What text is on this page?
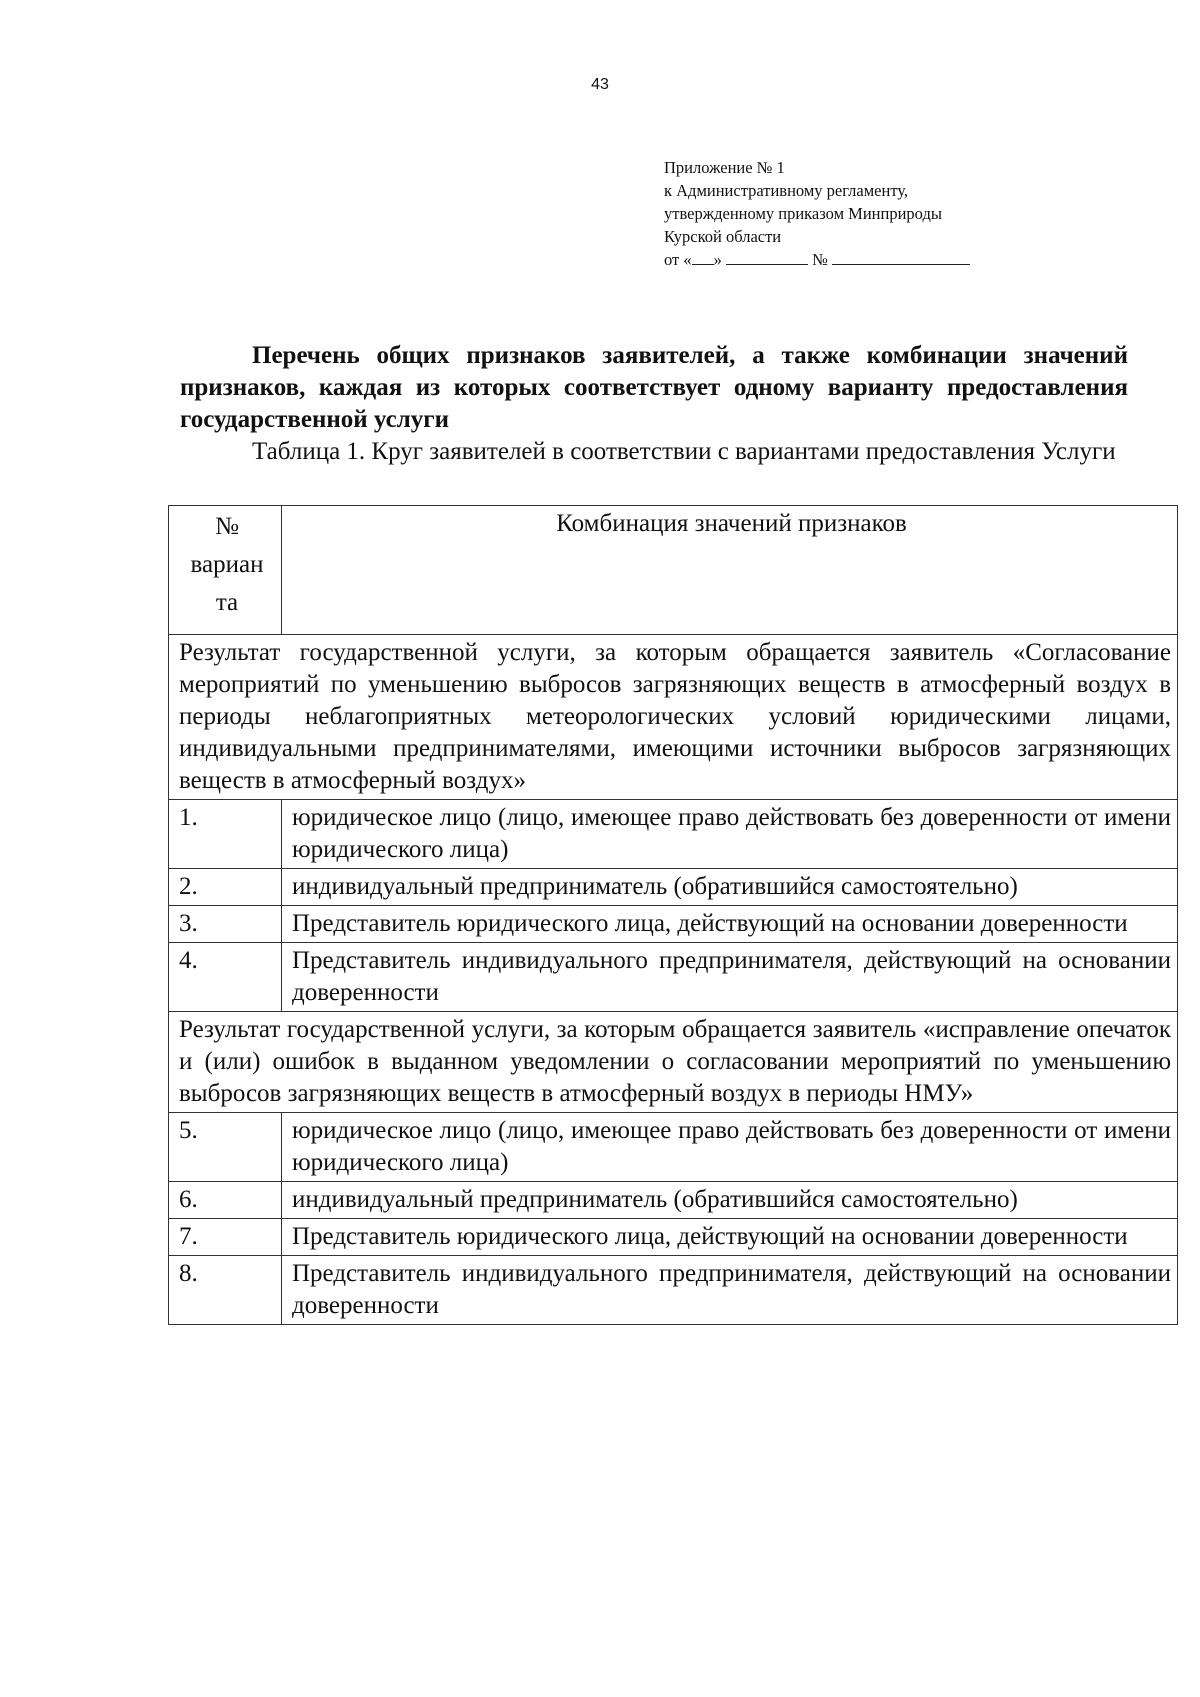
43
Приложение № 1
к Административному регламенту,
утвержденному приказом Минприроды
Курской области
от « »	№
Перечень общих признаков заявителей, а также комбинации значений признаков, каждая из которых соответствует одному варианту предоставления государственной услуги
Таблица 1. Круг заявителей в соответствии с вариантами предоставления Услуги
№
вариан
та	Комбинация значений признаков
Результат государственной услуги, за которым обращается заявитель «Согласование мероприятий по уменьшению выбросов загрязняющих веществ в атмосферный воздух в периоды неблагоприятных метеорологических условий юридическими лицами, индивидуальными предпринимателями, имеющими источники выбросов загрязняющих веществ в атмосферный воздух»	
1.	юридическое лицо (лицо, имеющее право действовать без доверенности от имени юридического лица)
2.	индивидуальный предприниматель (обратившийся самостоятельно)
3.	Представитель юридического лица, действующий на основании доверенности
4.	Представитель индивидуального предпринимателя, действующий на основании доверенности
Результат государственной услуги, за которым обращается заявитель «исправление опечаток и (или) ошибок в выданном уведомлении о согласовании мероприятий по уменьшению выбросов загрязняющих веществ в атмосферный воздух в периоды НМУ»	
5.	юридическое лицо (лицо, имеющее право действовать без доверенности от имени юридического лица)
6.	индивидуальный предприниматель (обратившийся самостоятельно)
7.	Представитель юридического лица, действующий на основании доверенности
8.	Представитель индивидуального предпринимателя, действующий на основании доверенности
